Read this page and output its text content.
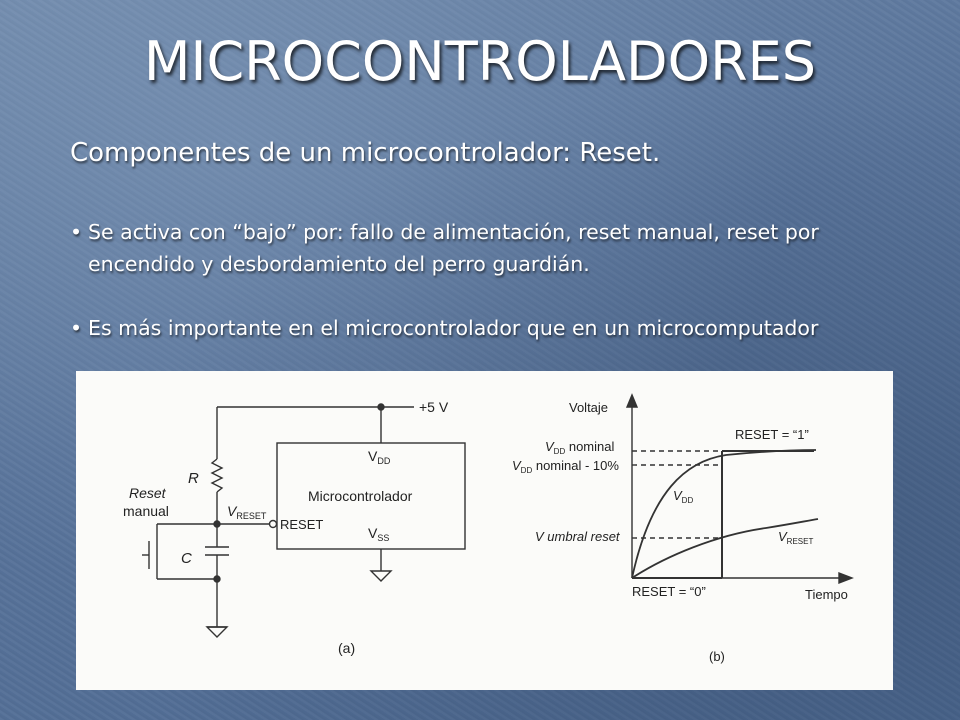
MICROCONTROLADORES
Componentes de un microcontrolador: Reset.
• Se activa con “bajo” por: fallo de alimentación, reset manual, reset por
encendido y desbordamiento del perro guardián.
• Es más importante en el microcontrolador que en un microcomputador
+5 V
$V_{DD}$
Microcontrolador
RESET
$V_{SS}$
R
C
$V_{RESET}$
Reset
manual
(a)
Voltaje
Tiempo
$V_{DD}$ nominal
$V_{DD}$ nominal - 10%
V umbral reset
RESET = “1”
RESET = “0”
$V_{DD}$
$V_{RESET}$
(b)
